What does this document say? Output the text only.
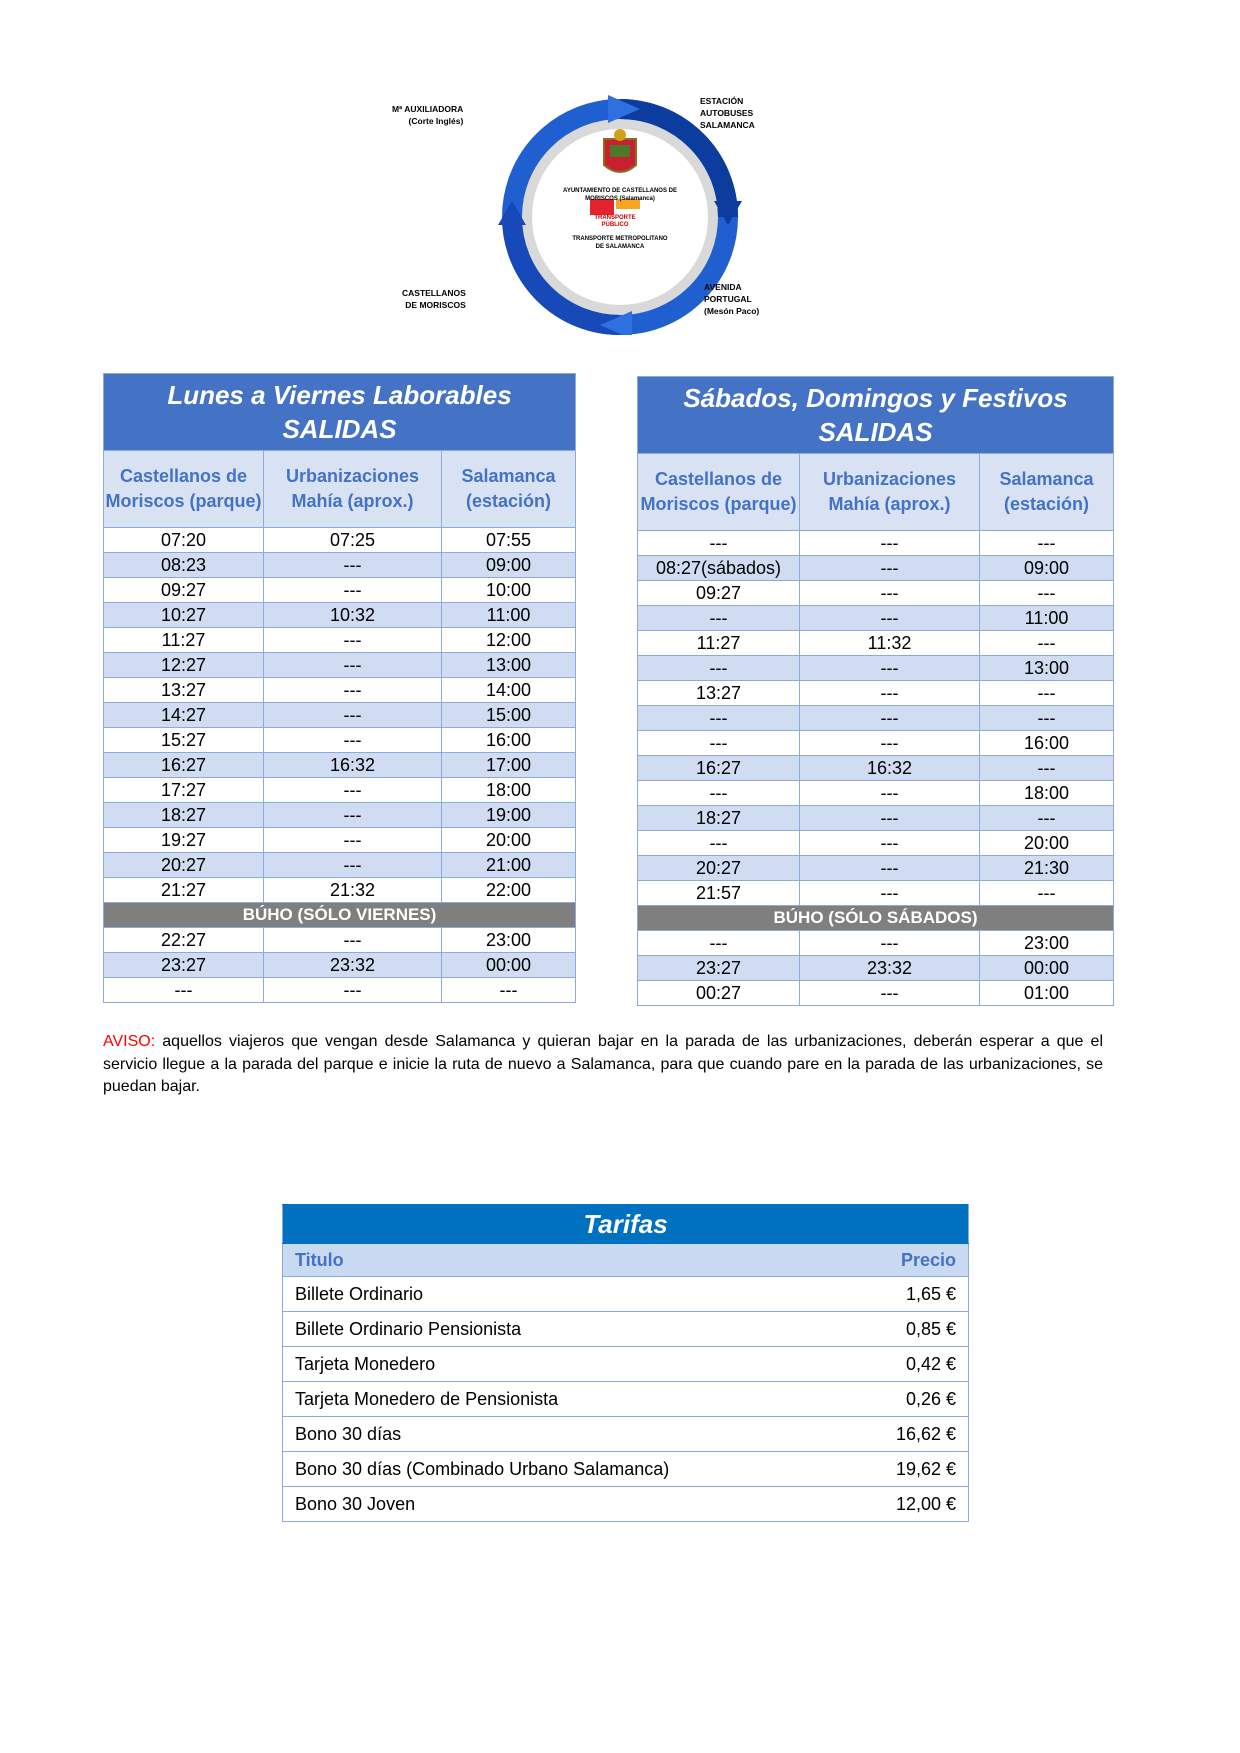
Mª AUXILIADORA
(Corte Inglés)
ESTACIÓN
AUTOBUSES
SALAMANCA
CASTELLANOS
DE MORISCOS
AVENIDA
PORTUGAL
(Mesón Paco)
AYUNTAMIENTO DE CASTELLANOS DE
MORISCOS (Salamanca)
TRANSPORTE
PÚBLICO
TRANSPORTE METROPOLITANO
DE SALAMANCA
Lunes a Viernes Laborables
SALIDAS		

Castellanos de Moriscos (parque)	Urbanizaciones Mahía (aprox.)	Salamanca (estación)
07:20	07:25	07:55
08:23	---	09:00
09:27	---	10:00
10:27	10:32	11:00
11:27	---	12:00
12:27	---	13:00
13:27	---	14:00
14:27	---	15:00
15:27	---	16:00
16:27	16:32	17:00
17:27	---	18:00
18:27	---	19:00
19:27	---	20:00
20:27	---	21:00
21:27	21:32	22:00
BÚHO (SÓLO VIERNES)		
22:27	---	23:00
23:27	23:32	00:00
---	---	---
Sábados, Domingos y Festivos
SALIDAS		

Castellanos de Moriscos (parque)	Urbanizaciones Mahía (aprox.)	Salamanca (estación)
---	---	---
08:27(sábados)	---	09:00
09:27	---	---
---	---	11:00
11:27	11:32	---
---	---	13:00
13:27	---	---
---	---	---
---	---	16:00
16:27	16:32	---
---	---	18:00
18:27	---	---
---	---	20:00
20:27	---	21:30
21:57	---	---
BÚHO (SÓLO SÁBADOS)		
---	---	23:00
23:27	23:32	00:00
00:27	---	01:00
AVISO: aquellos viajeros que vengan desde Salamanca y quieran bajar en la parada de las urbanizaciones, deberán esperar a que el servicio llegue a la parada del parque e inicie la ruta de nuevo a Salamanca, para que cuando pare en la parada de las urbanizaciones, se puedan bajar.
Tarifas	
Titulo	Precio
Billete Ordinario	1,65 €
Billete Ordinario Pensionista	0,85 €
Tarjeta Monedero	0,42 €
Tarjeta Monedero de Pensionista	0,26 €
Bono 30 días	16,62 €
Bono 30 días (Combinado Urbano Salamanca)	19,62 €
Bono 30 Joven	12,00 €
